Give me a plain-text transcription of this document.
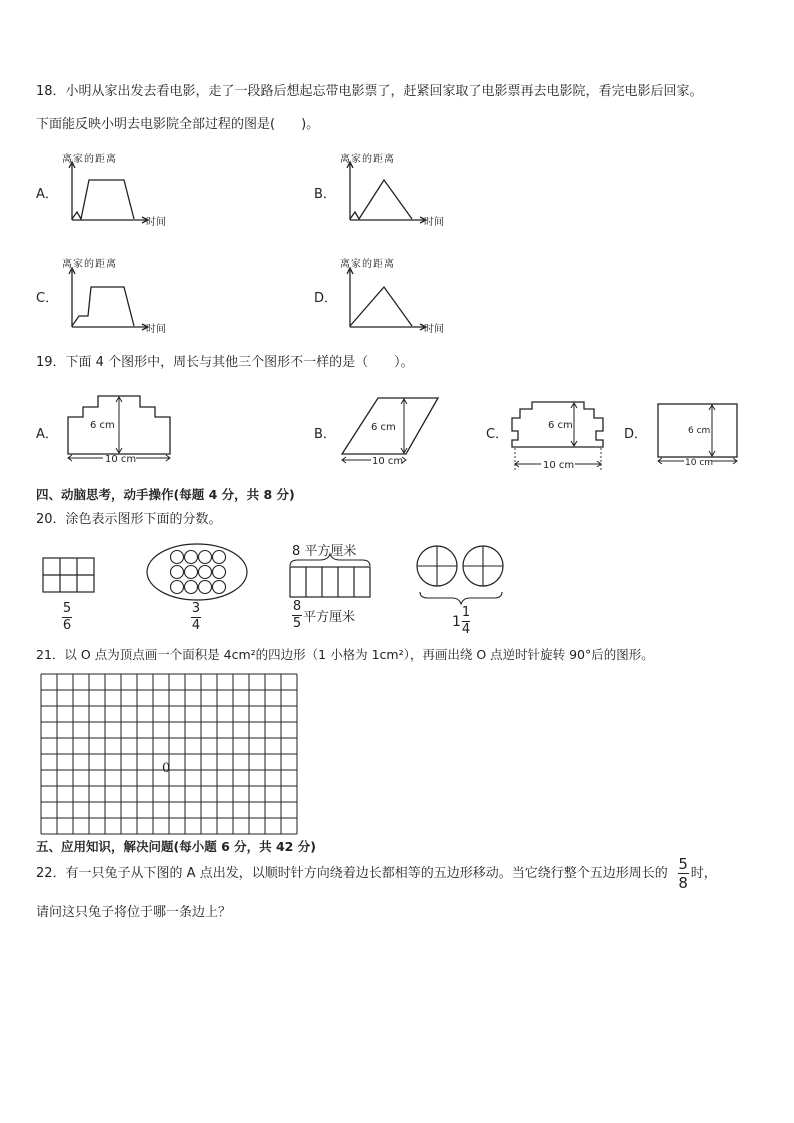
18．小明从家出发去看电影，走了一段路后想起忘带电影票了，赶紧回家取了电影票再去电影院，看完电影后回家。
下面能反映小明去电影院全部过程的图是(　　)。
A．
离家的距离
时间
B．
离家的距离
时间
C．
离家的距离
时间
D．
离家的距离
时间
19．下面 4 个图形中，周长与其他三个图形不一样的是（　　）。
A．
6 cm
10 cm
B．	6 cm
10 cm
C．
6 cm
10 cm
D．	6 cm
10 cm
四、动脑思考，动手操作(每题 4 分，共 8 分)
20．涂色表示图形下面的分数。
8 平方厘米
5
6
3
4	$\frac{8}{5}$ 平方厘米	$1 \frac{1}{4}$
21．以 O 点为顶点画一个面积是 4cm²的四边形（1 小格为 1cm²），再画出绕 O 点逆时针旋转 90°后的图形。
0
五、应用知识，解决问题(每小题 6 分，共 42 分)
22．有一只兔子从下图的 A 点出发，以顺时针方向绕着边长都相等的五边形移动。当它绕行整个五边形周长的 $\frac{5}{8}$ 时，
请问这只兔子将位于哪一条边上？
